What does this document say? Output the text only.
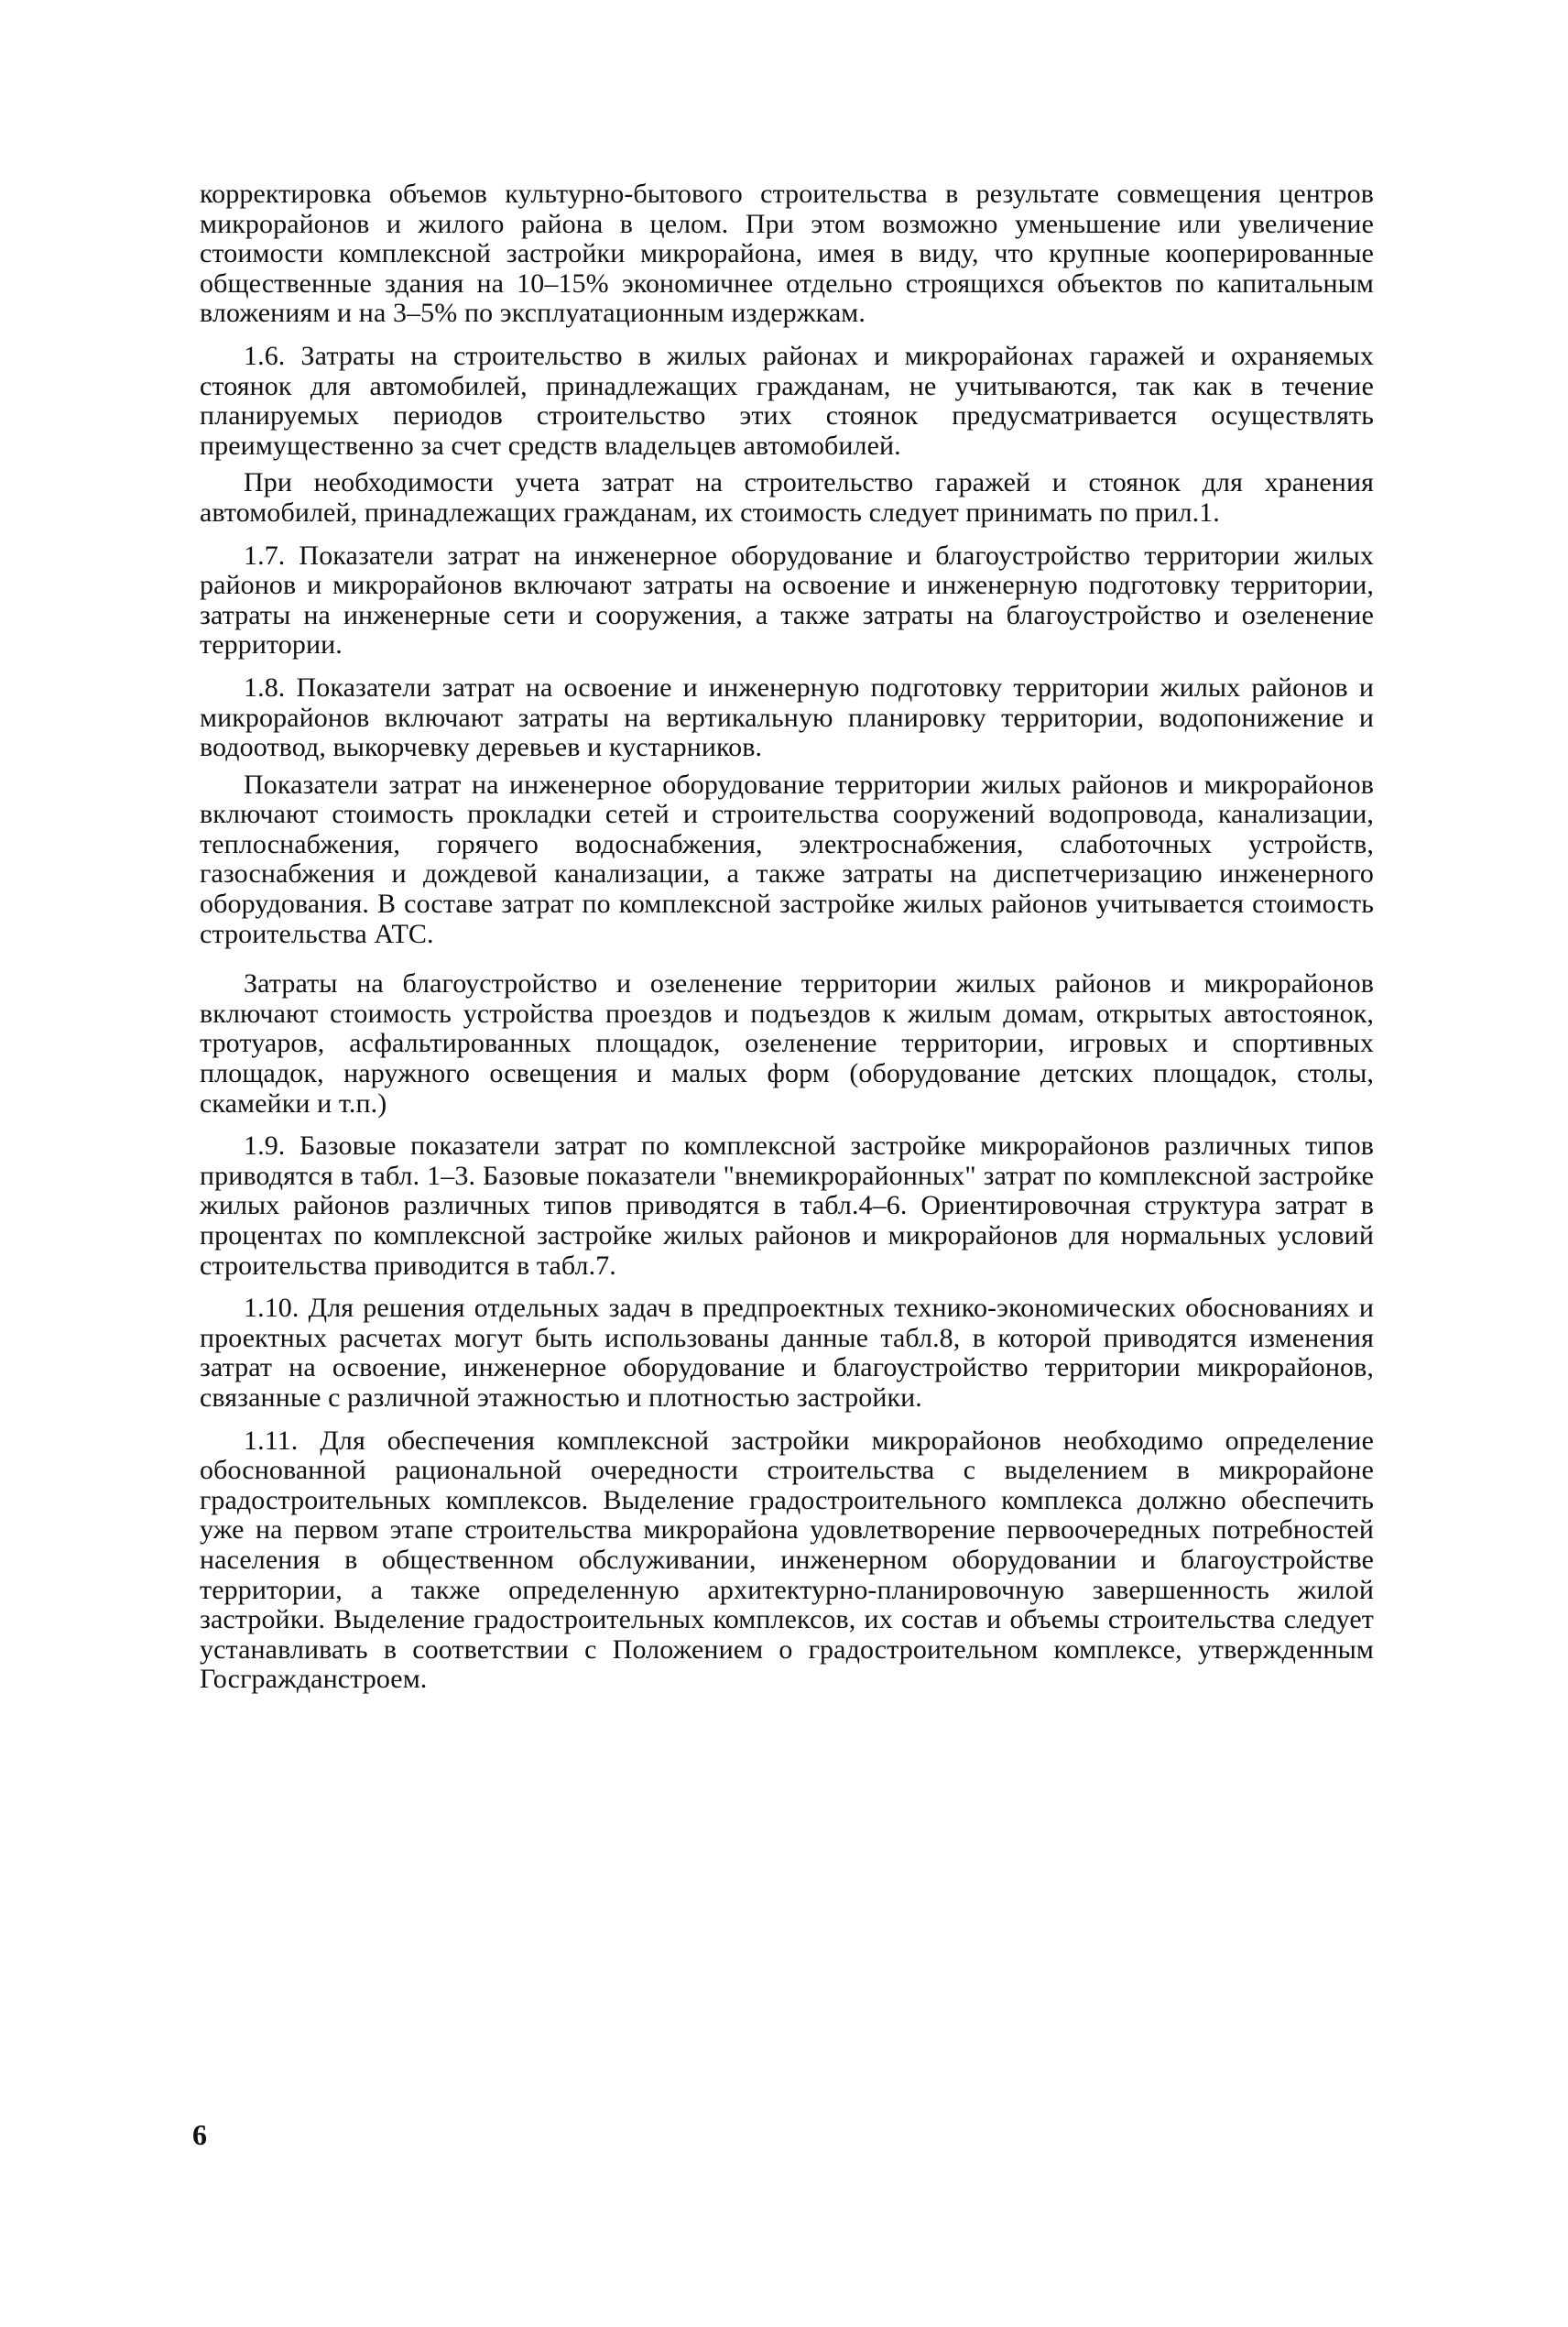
корректировка объемов культурно-бытового строительства в результате совмещения центров микрорайонов и жилого района в целом. При этом возможно уменьшение или увеличение стоимости комплексной застройки микрорайона, имея в виду, что крупные кооперированные общественные здания на 10–15% экономичнее отдельно строящихся объектов по капитальным вложениям и на 3–5% по эксплуатационным издержкам.

1.6. Затраты на строительство в жилых районах и микрорайонах гаражей и охраняемых стоянок для автомобилей, принадлежащих гражданам, не учитываются, так как в течение планируемых периодов строительство этих стоянок предусматривается осуществлять преимущественно за счет средств владельцев автомобилей.

При необходимости учета затрат на строительство гаражей и стоянок для хранения автомобилей, принадлежащих гражданам, их стоимость следует принимать по прил.1.

1.7. Показатели затрат на инженерное оборудование и благоустройство территории жилых районов и микрорайонов включают затраты на освоение и инженерную подготовку территории, затраты на инженерные сети и сооружения, а также затраты на благоустройство и озеленение территории.

1.8. Показатели затрат на освоение и инженерную подготовку территории жилых районов и микрорайонов включают затраты на вертикальную планировку территории, водопонижение и водоотвод, выкорчевку деревьев и кустарников.

Показатели затрат на инженерное оборудование территории жилых районов и микрорайонов включают стоимость прокладки сетей и строительства сооружений водопровода, канализации, теплоснабжения, горячего водоснабжения, электроснабжения, слаботочных устройств, газоснабжения и дождевой канализации, а также затраты на диспетчеризацию инженерного оборудования. В составе затрат по комплексной застройке жилых районов учитывается стоимость строительства АТС.

Затраты на благоустройство и озеленение территории жилых районов и микрорайонов включают стоимость устройства проездов и подъездов к жилым домам, открытых автостоянок, тротуаров, асфальтированных площадок, озеленение территории, игровых и спортивных площадок, наружного освещения и малых форм (оборудование детских площадок, столы, скамейки и т.п.)

1.9. Базовые показатели затрат по комплексной застройке микрорайонов различных типов приводятся в табл. 1–3. Базовые показатели "внемикрорайонных" затрат по комплексной застройке жилых районов различных типов приводятся в табл.4–6. Ориентировочная структура затрат в процентах по комплексной застройке жилых районов и микрорайонов для нормальных условий строительства приводится в табл.7.

1.10. Для решения отдельных задач в предпроектных технико-экономических обоснованиях и проектных расчетах могут быть использованы данные табл.8, в которой приводятся изменения затрат на освоение, инженерное оборудование и благоустройство территории микрорайонов, связанные с различной этажностью и плотностью застройки.

1.11. Для обеспечения комплексной застройки микрорайонов необходимо определение обоснованной рациональной очередности строительства с выделением в микрорайоне градостроительных комплексов. Выделение градостроительного комплекса должно обеспечить уже на первом этапе строительства микрорайона удовлетворение первоочередных потребностей населения в общественном обслуживании, инженерном оборудовании и благоустройстве территории, а также определенную архитектурно-планировочную завершенность жилой застройки. Выделение градостроительных комплексов, их состав и объемы строительства следует устанавливать в соответствии с Положением о градостроительном комплексе, утвержденным Госгражданстроем.

6
